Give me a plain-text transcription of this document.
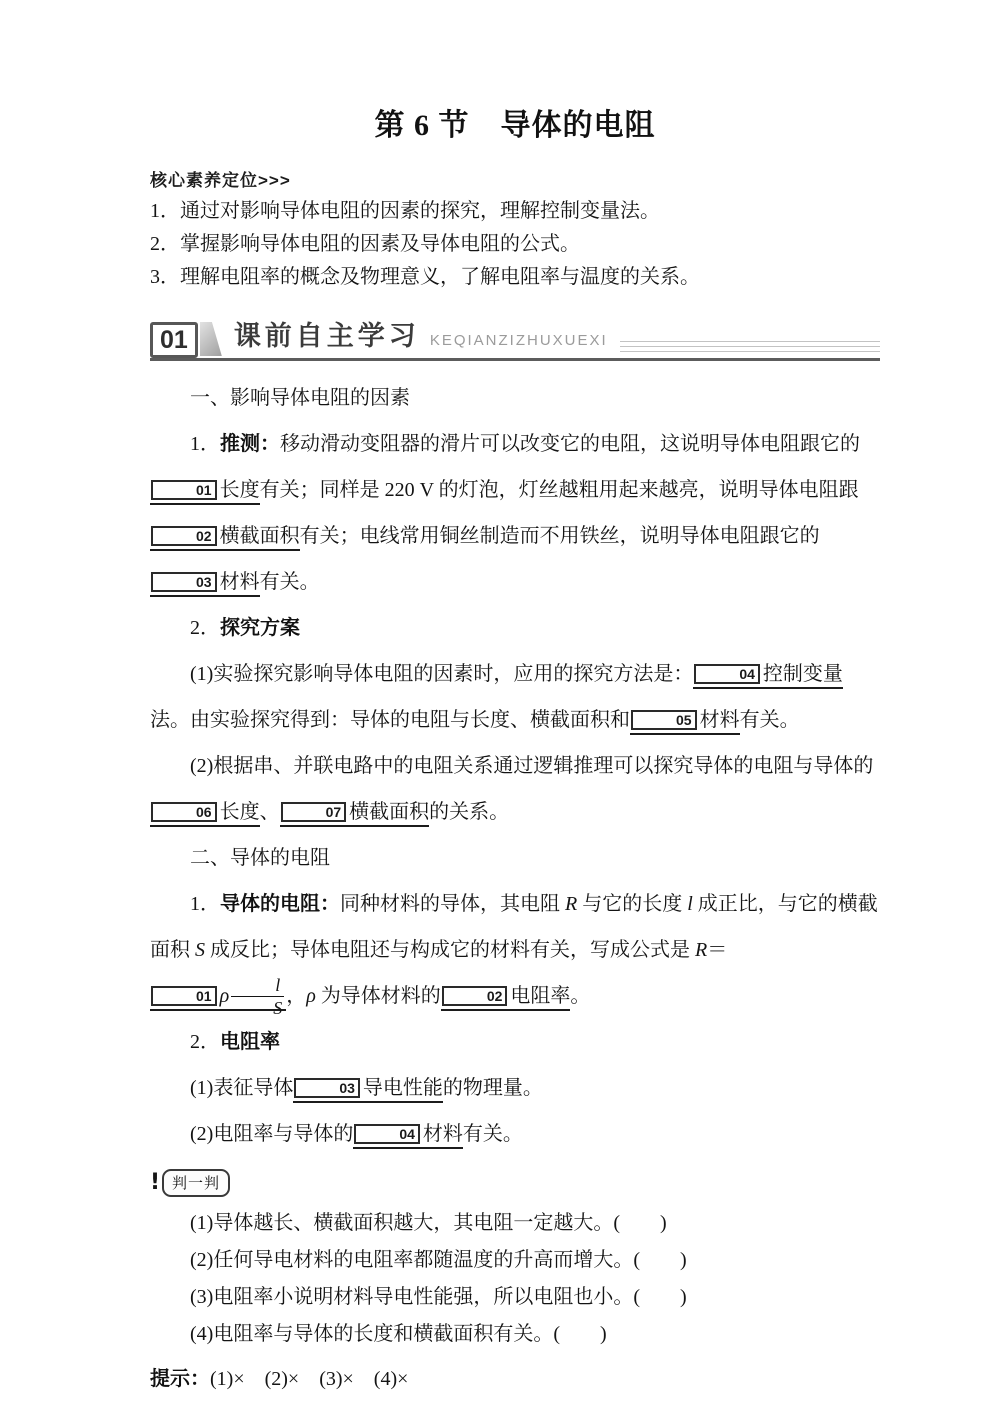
第 6 节　导体的电阻
核心素养定位>>>

1．通过对影响导体电阻的因素的探究，理解控制变量法。

2．掌握影响导体电阻的因素及导体电阻的公式。

3．理解电阻率的概念及物理意义，了解电阻率与温度的关系。

01	课前自主学习 KEQIANZIZHUXUEXI

一、影响导体电阻的因素

1．推测：移动滑动变阻器的滑片可以改变它的电阻，这说明导体电阻跟它的01 长度有关；同样是 220 V 的灯泡，灯丝越粗用起来越亮，说明导体电阻跟02 横截面积有关；电线常用铜丝制造而不用铁丝，说明导体电阻跟它的03 材料有关。

2．探究方案

(1)实验探究影响导体电阻的因素时，应用的探究方法是：	04 控制变量法。由实验探究得到：导体的电阻与长度、横截面积和	05 材料有关。

(2)根据串、并联电路中的电阻关系通过逻辑推理可以探究导体的电阻与导体的06 长度、	07 横截面积的关系。

二、导体的电阻

1．导体的电阻：同种材料的导体，其电阻 R 与它的长度 l 成正比，与它的横截面积 S 成反比；导体电阻还与构成它的材料有关，写成公式是 R＝01 ρ $\frac{l}{S}$ ，ρ 为导体材料的	02 电阻率。

2．电阻率

(1)表征导体	03 导电性能的物理量。

(2)电阻率与导体的	04 材料有关。

! 判一判

(1)导体越长、横截面积越大，其电阻一定越大。(　　)

(2)任何导电材料的电阻率都随温度的升高而增大。(　　)

(3)电阻率小说明材料导电性能强，所以电阻也小。(　　)

(4)电阻率与导体的长度和横截面积有关。(　　)

提示：(1)×　(2)×　(3)×　(4)×
